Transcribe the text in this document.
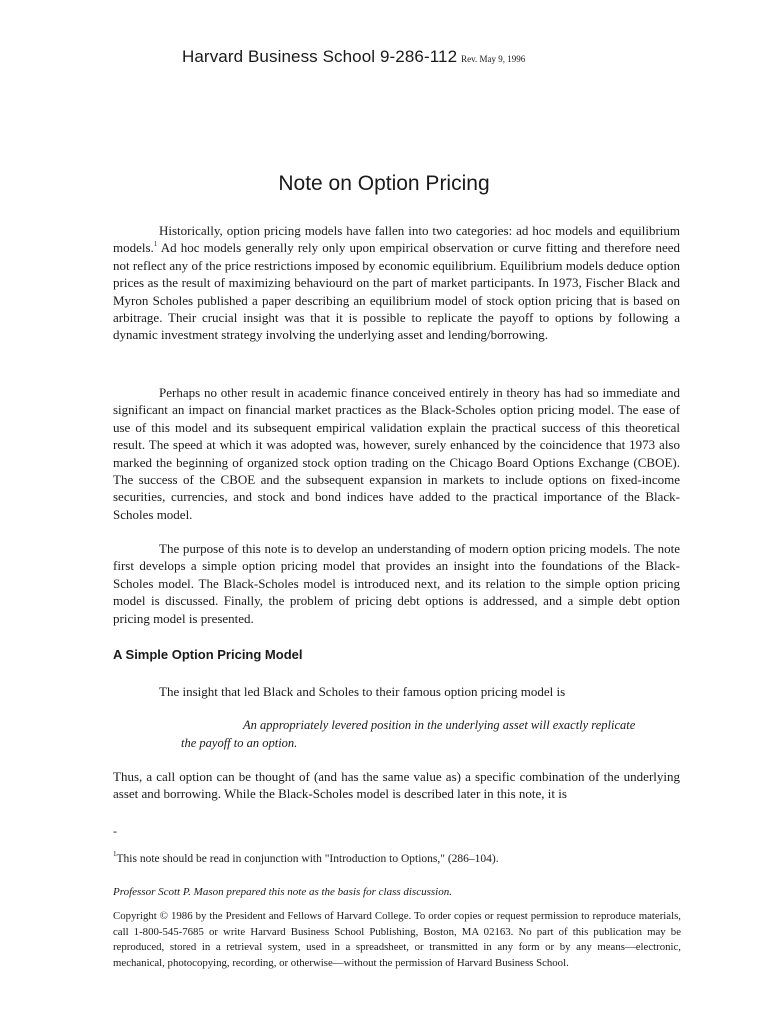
Harvard Business School 9-286-112 Rev. May 9, 1996
Note on Option Pricing
Historically, option pricing models have fallen into two categories: ad hoc models and equilibrium models.$^1$ Ad hoc models generally rely only upon empirical observation or curve fitting and therefore need not reflect any of the price restrictions imposed by economic equilibrium. Equilibrium models deduce option prices as the result of maximizing behaviourd on the part of market participants. In 1973, Fischer Black and Myron Scholes published a paper describing an equilibrium model of stock option pricing that is based on arbitrage. Their crucial insight was that it is possible to replicate the payoff to options by following a dynamic investment strategy involving the underlying asset and lending/borrowing.
Perhaps no other result in academic finance conceived entirely in theory has had so immediate and significant an impact on financial market practices as the Black-Scholes option pricing model. The ease of use of this model and its subsequent empirical validation explain the practical success of this theoretical result. The speed at which it was adopted was, however, surely enhanced by the coincidence that 1973 also marked the beginning of organized stock option trading on the Chicago Board Options Exchange (CBOE). The success of the CBOE and the subsequent expansion in markets to include options on fixed-income securities, currencies, and stock and bond indices have added to the practical importance of the Black-Scholes model.
The purpose of this note is to develop an understanding of modern option pricing models. The note first develops a simple option pricing model that provides an insight into the foundations of the Black- Scholes model. The Black-Scholes model is introduced next, and its relation to the simple option pricing model is discussed. Finally, the problem of pricing debt options is addressed, and a simple debt option pricing model is presented.
A Simple Option Pricing Model
The insight that led Black and Scholes to their famous option pricing model is
An appropriately levered position in the underlying asset will exactly replicate
the payoff to an option.
Thus, a call option can be thought of (and has the same value as) a specific combination of the underlying asset and borrowing. While the Black-Scholes model is described later in this note, it is
-
$^1$This note should be read in conjunction with "Introduction to Options," (286–104).
Professor Scott P. Mason prepared this note as the basis for class discussion.
Copyright © 1986 by the President and Fellows of Harvard College. To order copies or request permission to reproduce materials, call 1-800-545-7685 or write Harvard Business School Publishing, Boston, MA 02163. No part of this publication may be reproduced, stored in a retrieval system, used in a spreadsheet, or transmitted in any form or by any means—electronic, mechanical, photocopying, recording, or otherwise—without the permission of Harvard Business School.
